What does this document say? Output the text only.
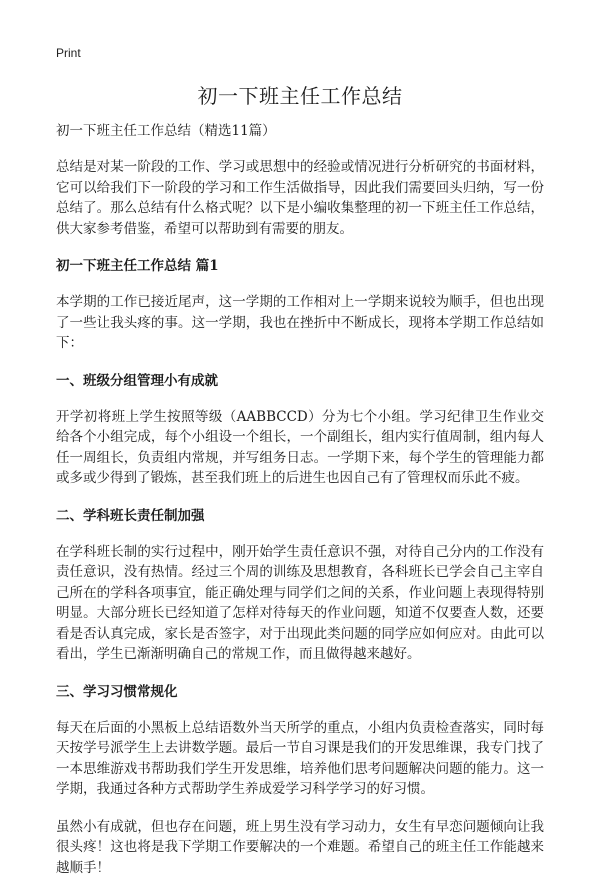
Print
初一下班主任工作总结
初一下班主任工作总结（精选11篇）

总结是对某一阶段的工作、学习或思想中的经验或情况进行分析研究的书面材料，它可以给我们下一阶段的学习和工作生活做指导，因此我们需要回头归纳，写一份总结了。那么总结有什么格式呢？以下是小编收集整理的初一下班主任工作总结，供大家参考借鉴，希望可以帮助到有需要的朋友。

初一下班主任工作总结 篇1

本学期的工作已接近尾声，这一学期的工作相对上一学期来说较为顺手，但也出现了一些让我头疼的事。这一学期，我也在挫折中不断成长，现将本学期工作总结如下：

一、班级分组管理小有成就

开学初将班上学生按照等级（AABBCCD）分为七个小组。学习纪律卫生作业交给各个小组完成，每个小组设一个组长，一个副组长，组内实行值周制，组内每人任一周组长，负责组内常规，并写组务日志。一学期下来，每个学生的管理能力都或多或少得到了锻炼，甚至我们班上的后进生也因自己有了管理权而乐此不疲。

二、学科班长责任制加强

在学科班长制的实行过程中，刚开始学生责任意识不强，对待自己分内的工作没有责任意识，没有热情。经过三个周的训练及思想教育，各科班长已学会自己主宰自己所在的学科各项事宜，能正确处理与同学们之间的关系，作业问题上表现得特别明显。大部分班长已经知道了怎样对待每天的作业问题，知道不仅要查人数，还要看是否认真完成，家长是否签字，对于出现此类问题的同学应如何应对。由此可以看出，学生已渐渐明确自己的常规工作，而且做得越来越好。

三、学习习惯常规化

每天在后面的小黑板上总结语数外当天所学的重点，小组内负责检查落实，同时每天按学号派学生上去讲数学题。最后一节自习课是我们的开发思维课，我专门找了一本思维游戏书帮助我们学生开发思维，培养他们思考问题解决问题的能力。这一学期，我通过各种方式帮助学生养成爱学习科学学习的好习惯。

虽然小有成就，但也存在问题，班上男生没有学习动力，女生有早恋问题倾向让我很头疼！这也将是我下学期工作要解决的一个难题。希望自己的班主任工作能越来越顺手！
